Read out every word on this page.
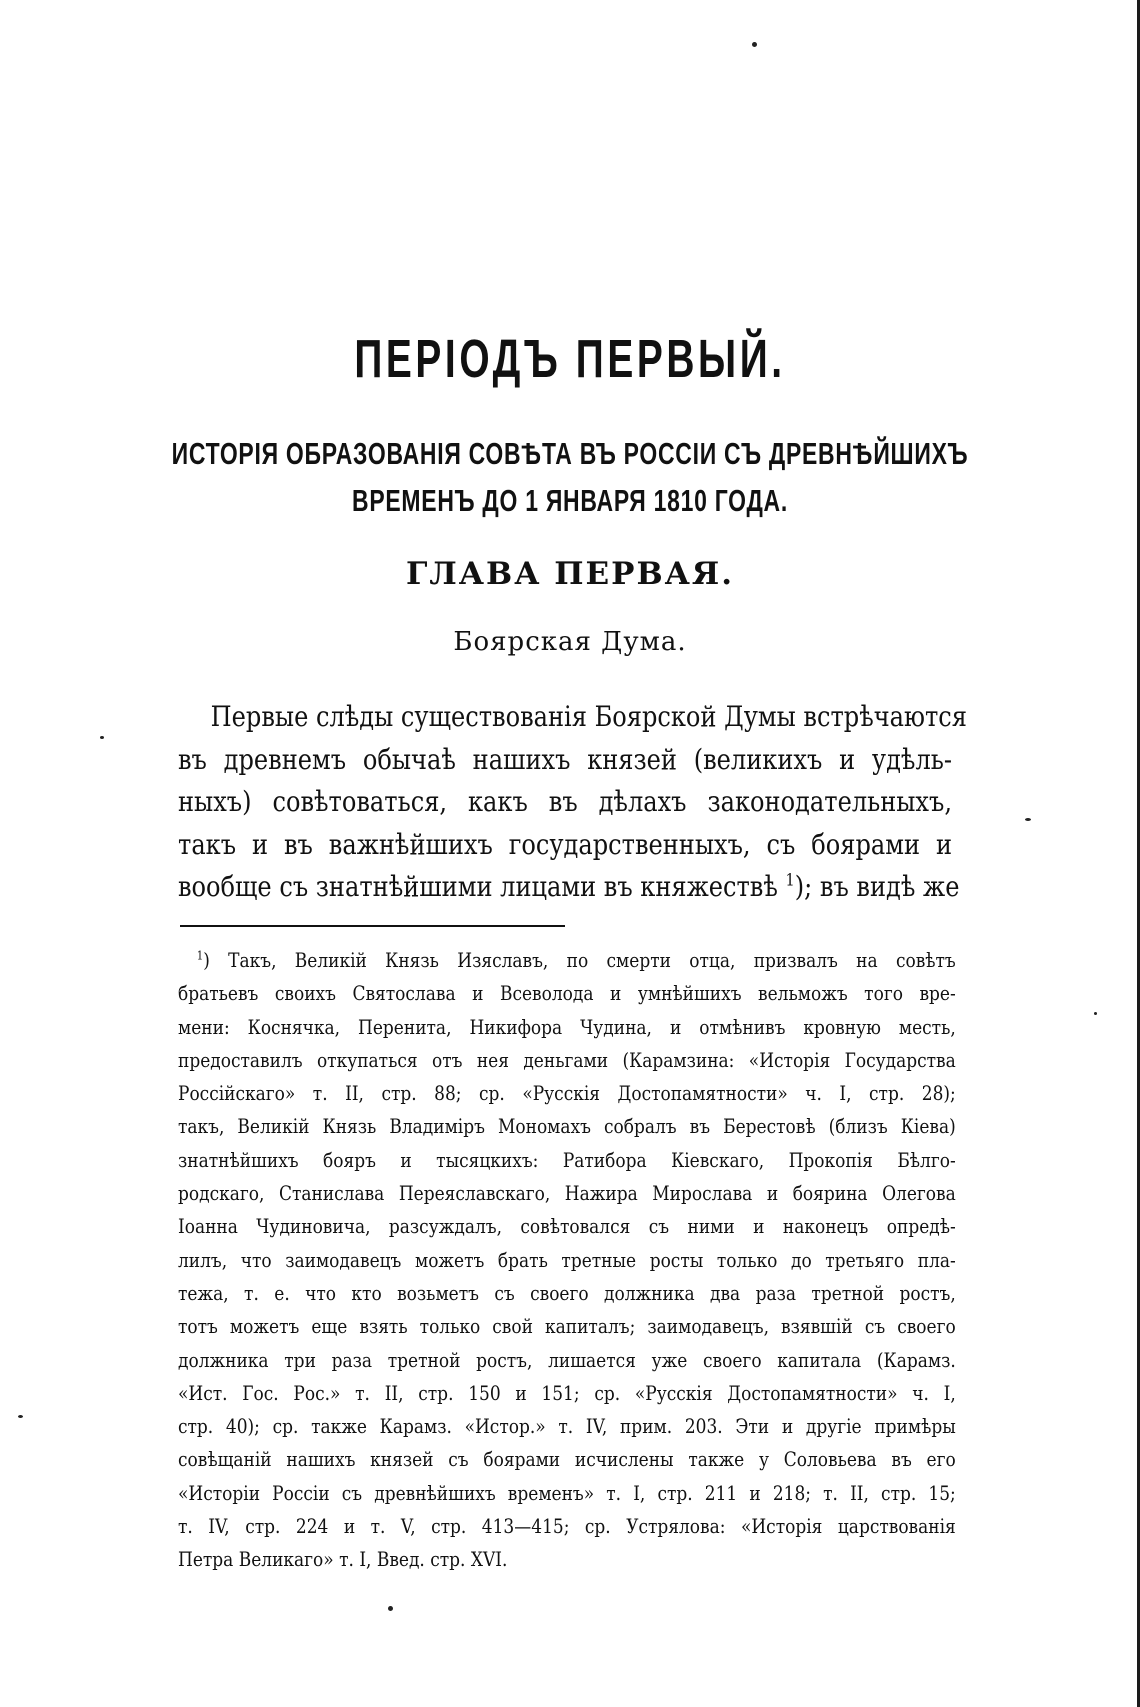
ПЕРІОДЪ ПЕРВЫЙ.
ИСТОРІЯ ОБРАЗОВАНІЯ СОВѢТА ВЪ РОССІИ СЪ ДРЕВНѢЙШИХЪ
ВРЕМЕНЪ ДО 1 ЯНВАРЯ 1810 ГОДА.
ГЛАВА ПЕРВАЯ.
Боярская Дума.
Первые слѣды существованія Боярской Думы встрѣчаются
въ древнемъ обычаѣ нашихъ князей (великихъ и удѣль-
ныхъ) совѣтоваться, какъ въ дѣлахъ законодательныхъ,
такъ и въ важнѣйшихъ государственныхъ, съ боярами и
вообще съ знатнѣйшими лицами въ княжествѣ $^1$); въ видѣ же
$^1$) Такъ, Великій Князь Изяславъ, по смерти отца, призвалъ на совѣтъ
братьевъ своихъ Святослава и Всеволода и умнѣйшихъ вельможъ того вре-
мени: Коснячка, Перенита, Никифора Чудина, и отмѣнивъ кровную месть,
предоставилъ откупаться отъ нея деньгами (Карамзина: «Исторія Государства
Россійскаго» т. II, стр. 88; ср. «Русскія Достопамятности» ч. I, стр. 28);
такъ, Великій Князь Владиміръ Мономахъ собралъ въ Берестовѣ (близъ Кіева)
знатнѣйшихъ бояръ и тысяцкихъ: Ратибора Кіевскаго, Прокопія Бѣлго-
родскаго, Станислава Переяславскаго, Нажира Мирослава и боярина Олегова
Іоанна Чудиновича, разсуждалъ, совѣтовался съ ними и наконецъ опредѣ-
лилъ, что заимодавецъ можетъ брать третные росты только до третьяго пла-
тежа, т. е. что кто возьметъ съ своего должника два раза третной ростъ,
тотъ можетъ еще взять только свой капиталъ; заимодавецъ, взявшій съ своего
должника три раза третной ростъ, лишается уже своего капитала (Карамз.
«Ист. Гос. Рос.» т. II, стр. 150 и 151; ср. «Русскія Достопамятности» ч. I,
стр. 40); ср. также Карамз. «Истор.» т. IV, прим. 203. Эти и другіе примѣры
совѣщаній нашихъ князей съ боярами исчислены также у Соловьева въ его
«Исторіи Россіи съ древнѣйшихъ временъ» т. I, стр. 211 и 218; т. II, стр. 15;
т. IV, стр. 224 и т. V, стр. 413—415; ср. Устрялова: «Исторія царствованія
Петра Великаго» т. I, Введ. стр. XVI.
